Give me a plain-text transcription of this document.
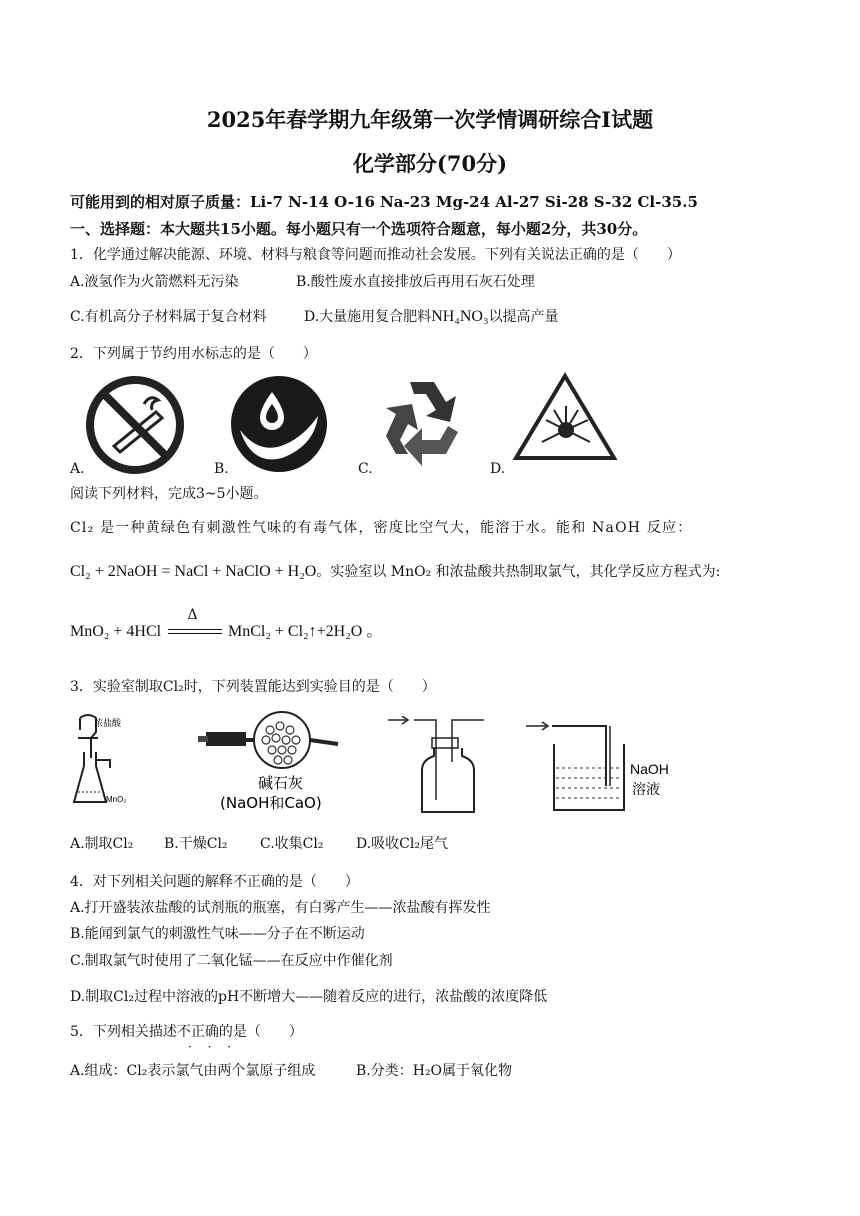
2025年春学期九年级第一次学情调研综合Ⅰ试题
化学部分(70分)
可能用到的相对原子质量：Li-7 N-14 O-16 Na-23 Mg-24 Al-27 Si-28 S-32 Cl-35.5
一、选择题：本大题共15小题。每小题只有一个选项符合题意，每小题2分，共30分。
1．化学通过解决能源、环境、材料与粮食等问题而推动社会发展。下列有关说法正确的是（　　）
A.液氢作为火箭燃料无污染	B.酸性废水直接排放后再用石灰石处理
C.有机高分子材料属于复合材料	D.大量施用复合肥料NH₄NO₃以提高产量
2．下列属于节约用水标志的是（　　）
A.	B.	C.	D.
阅读下列材料，完成3~5小题。
Cl₂ 是一种黄绿色有刺激性气味的有毒气体，密度比空气大，能溶于水。能和 NaOH 反应：
Cl₂ + 2NaOH = NaCl + NaClO + H₂O。实验室以 MnO₂ 和浓盐酸共热制取氯气，其化学反应方程式为:
MnO₂ + 4HCl
Δ
MnCl₂ + Cl₂↑+2H₂O 。
3．实验室制取Cl₂时，下列装置能达到实验目的是（　　）
浓盐酸
MnO₂
碱石灰
(NaOH和CaO)
NaOH
溶液
A.制取Cl₂ B.干燥Cl₂ C.收集Cl₂ D.吸收Cl₂尾气
4．对下列相关问题的解释不正确的是（　　）
A.打开盛装浓盐酸的试剂瓶的瓶塞，有白雾产生——浓盐酸有挥发性
B.能闻到氯气的刺激性气味——分子在不断运动
C.制取氯气时使用了二氧化锰——在反应中作催化剂
D.制取Cl₂过程中溶液的pH不断增大——随着反应的进行，浓盐酸的浓度降低
5．下列相关描述不正确的是（　　）
· · ·
A.组成：Cl₂表示氯气由两个氯原子组成	B.分类：H₂O属于氧化物
